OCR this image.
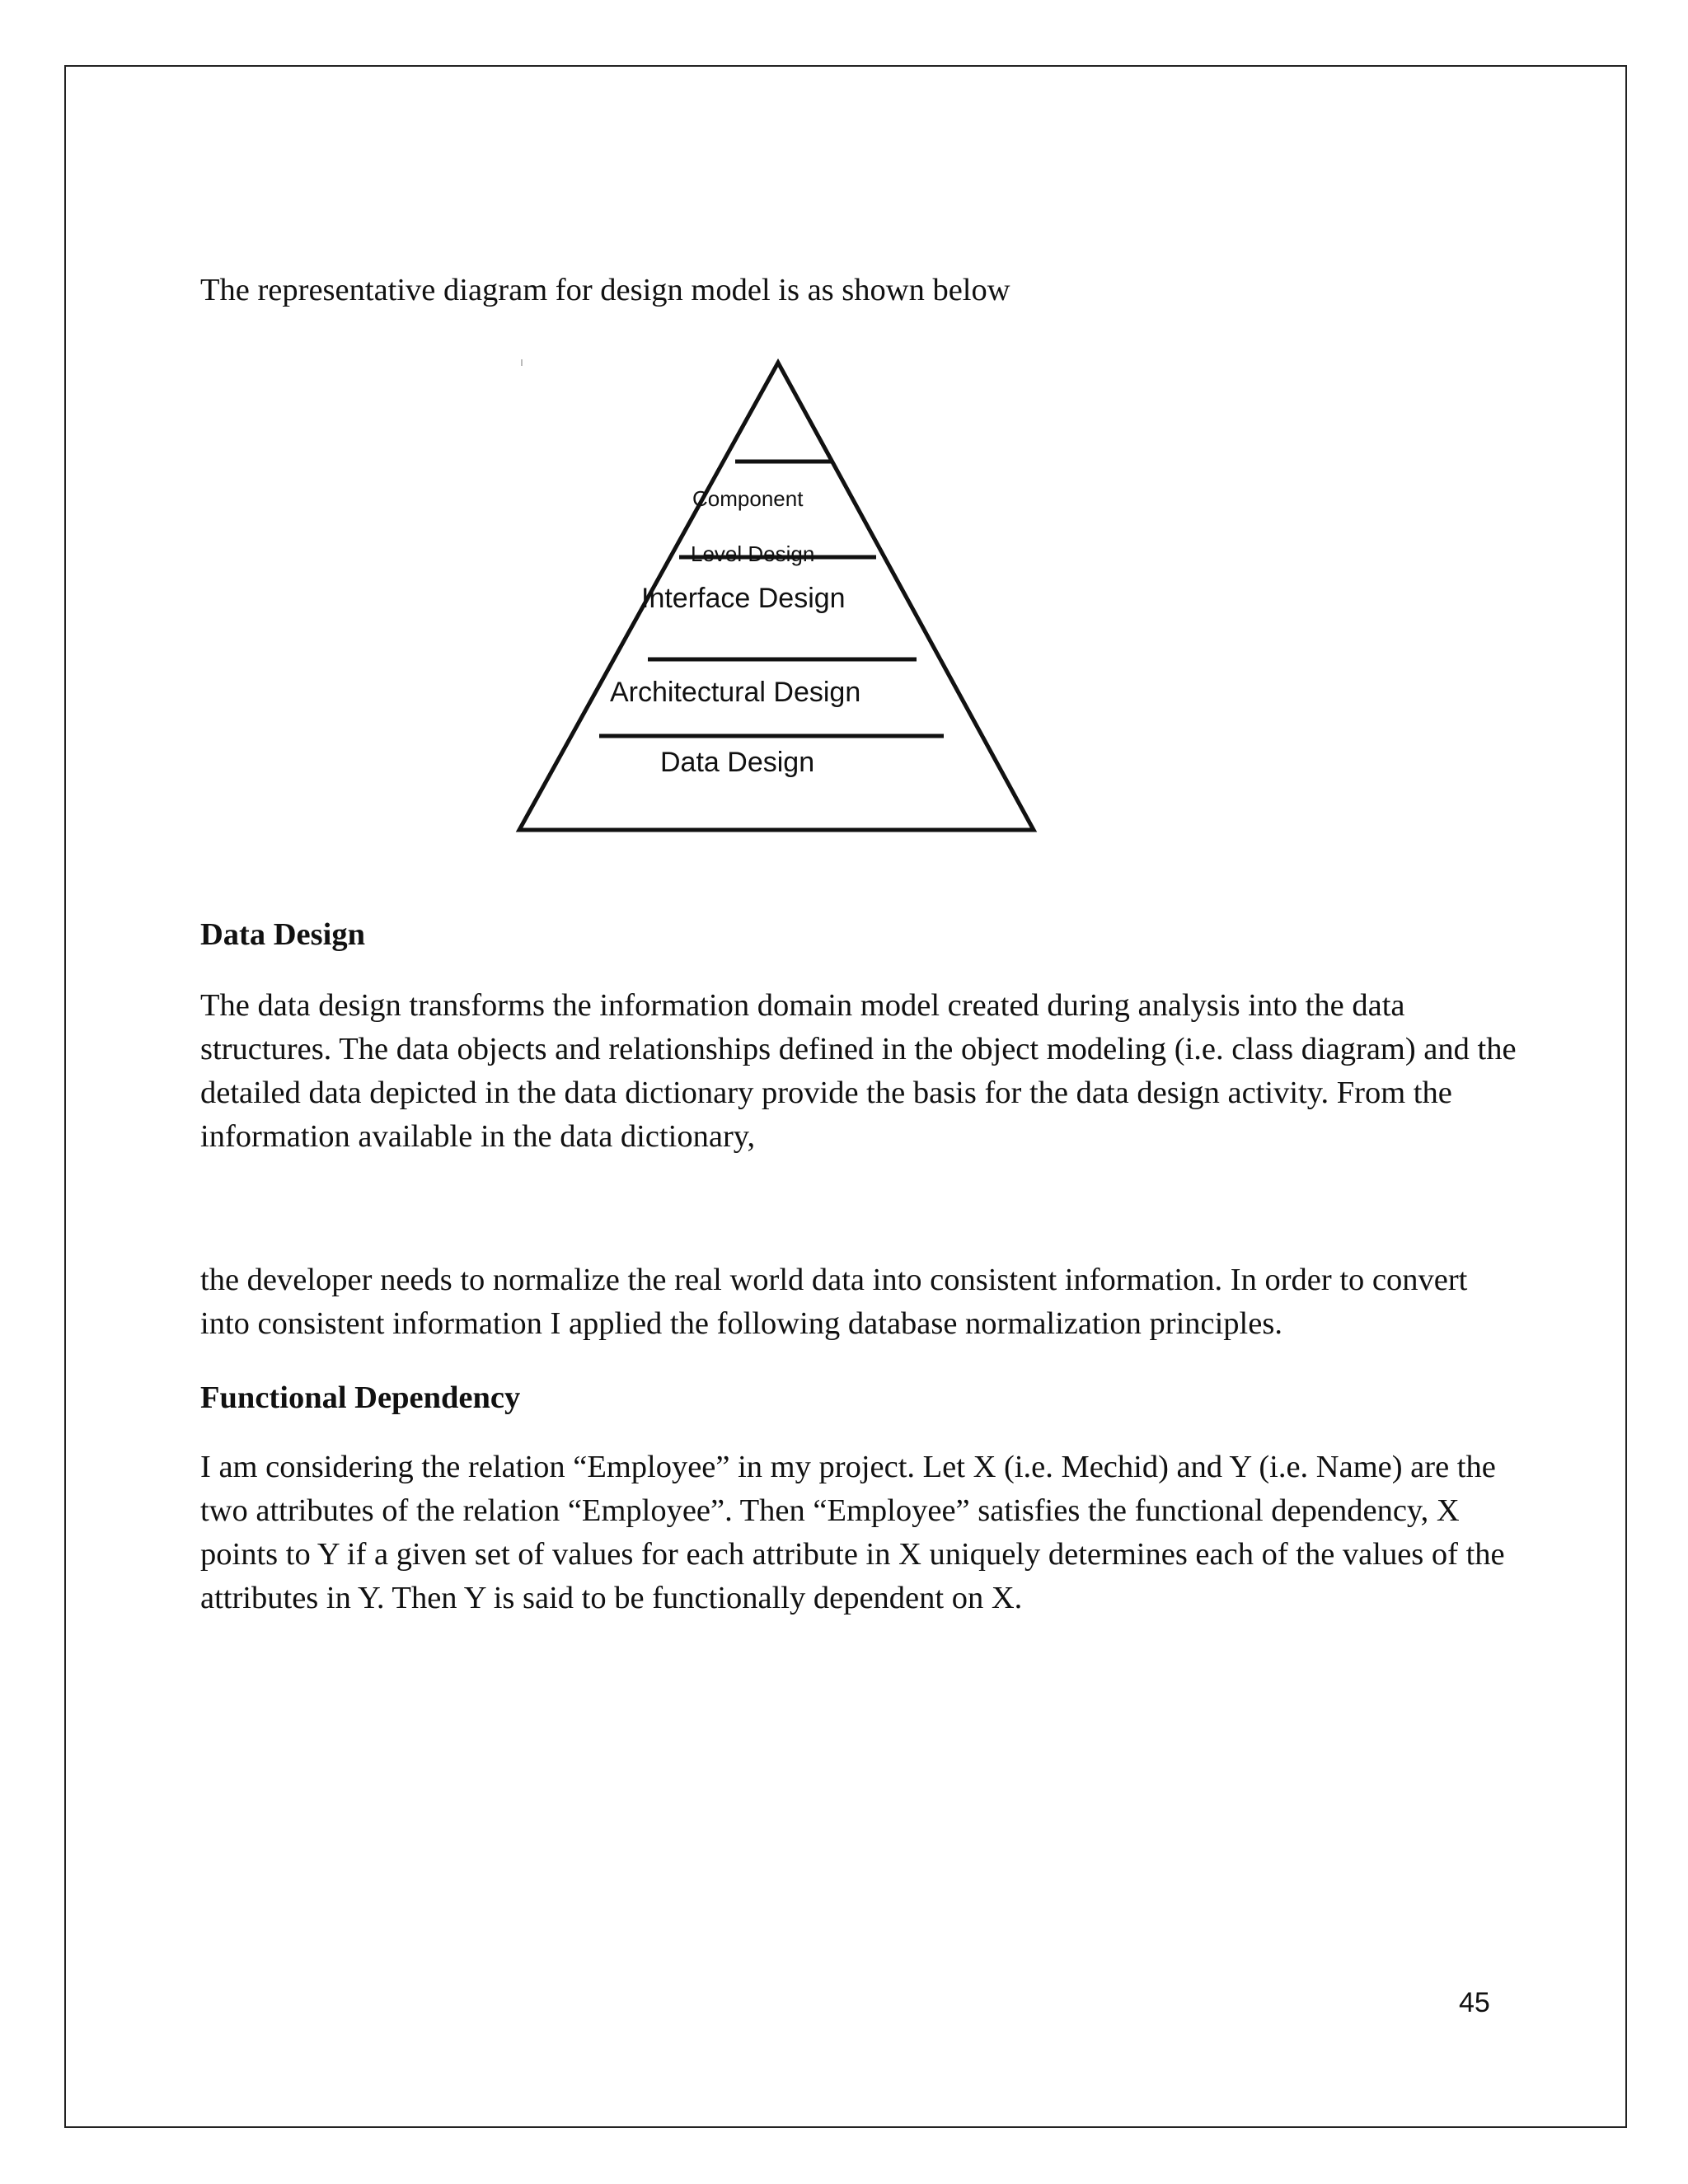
The representative diagram for design model is as shown below

Component
Level Design
Interface Design
Architectural Design
Data Design
Data Design

The data design transforms the information domain model created during analysis into the data structures. The data objects and relationships defined in the object modeling (i.e. class diagram) and the detailed data depicted in the data dictionary provide the basis for the data design activity. From the information available in the data dictionary,

the developer needs to normalize the real world data into consistent information. In order to convert into consistent information I applied the following database normalization principles.

Functional Dependency

I am considering the relation “Employee” in my project. Let X (i.e. Mechid) and Y (i.e. Name) are the two attributes of the relation “Employee”. Then “Employee” satisfies the functional dependency, X points to Y if a given set of values for each attribute in X uniquely determines each of the values of the attributes in Y. Then Y is said to be functionally dependent on X.

45
